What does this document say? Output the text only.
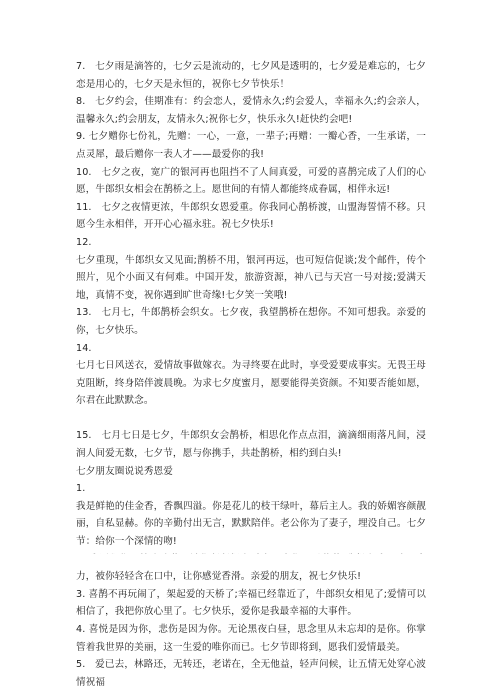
7.　七夕雨是滴答的，七夕云是流动的，七夕风是透明的，七夕爱是难忘的，七夕恋是用心的，七夕天是永恒的，祝你七夕节快乐！

8.　七夕约会，佳期准有：约会恋人，爱情永久;约会爱人，幸福永久;约会亲人，温馨永久;约会朋友，友情永久;祝你七夕，快乐永久!赶快约会吧!

9. 七夕赠你七份礼，先赠：一心，一意，一辈子;再赠：一瓣心香，一生承诺，一点灵犀，最后赠你一表人才——最爱你的我!

10.　七夕之夜，宽广的银河再也阻挡不了人间真爱，可爱的喜鹊完成了人们的心愿，牛郎织女相会在鹊桥之上。愿世间的有情人都能终成眷属，相伴永远!

11.　七夕之夜情更浓，牛郎织女恩爱重。你我同心鹊桥渡，山盟海誓情不移。只愿今生永相伴，开开心心福永驻。祝七夕快乐!

12.

七夕重现，牛郎织女又见面;鹊桥不用，银河再远，也可短信促谈;发个邮件，传个照片，见个小面又有何难。中国开发，旅游资源，神八已与天宫一号对接;爱满天地，真情不变，祝你遇到旷世奇缘!七夕笑一笑哦!

13.　七月七，牛郎鹊桥会织女。七夕夜，我望鹊桥在想你。不知可想我。亲爱的你，七夕快乐。

14.

七月七日风送衣，爱情故事做嫁衣。为寻终要在此时，享受爱要成事实。无畏王母克阻断，终身陪伴渡晨晚。为求七夕度蜜月，愿要能得美资颜。不知要否能如愿，尔君在此默默念。

15.　七月七日是七夕，牛郎织女会鹊桥，相思化作点点泪，滴滴细雨落凡间，浸润人间爱无数，七夕节，愿与你携手，共赴鹊桥，相约到白头!

七夕朋友圈说说秀恩爱

1.

我是鲜艳的佳金香，香飘四溢。你是花儿的枝干绿叶，幕后主人。我的娇媚容颜靓丽，自私显赫。你的辛勤付出无言，默默陪伴。老公你为了妻子，埋没自己。七夕节：给你一个深情的吻!

力，被你轻轻含在口中，让你感觉香滑。亲爱的朋友，祝七夕快乐!

3. 喜鹊不再玩闹了，架起爱的天桥了;幸福已经靠近了，牛郎织女相见了;爱情可以相信了，我把你放心里了。七夕快乐，爱你是我最幸福的大事件。

4. 喜悦是因为你，悲伤是因为你。无论黑夜白昼，思念里从未忘却的是你。你掌管着我世界的美丽，这一生爱的唯你而已。七夕节即将到，愿我们爱情最美。

5.　爱已去，林路还，无转还，老诺在，全无他益，轻声问候，让五情无处穿心波情祝福
